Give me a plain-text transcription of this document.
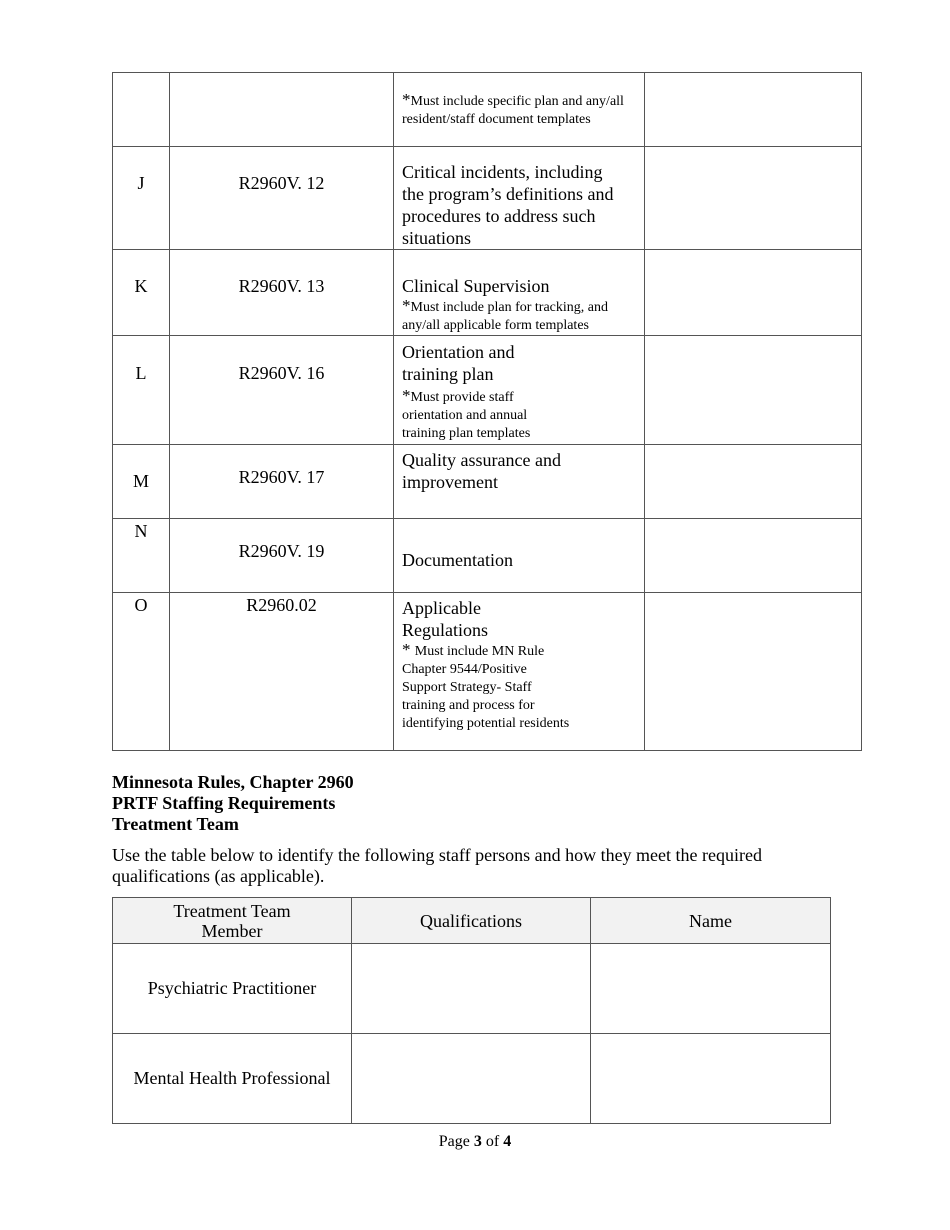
		*Must include specific plan and any/all resident/staff document templates	

J	R2960V. 12	Critical incidents, including the program’s definitions and procedures to address such situations	

K	R2960V. 13	Clinical Supervision
*Must include plan for tracking, and any/all applicable form templates	

L	R2960V. 16	Orientation and training plan
*Must provide staff orientation and annual training plan templates	

M	R2960V. 17	Quality assurance and improvement	

N	R2960V. 19	Documentation	

O	R2960.02	Applicable Regulations
* Must include MN Rule Chapter 9544/Positive Support Strategy- Staff training and process for identifying potential residents	

Minnesota Rules, Chapter 2960
PRTF Staffing Requirements
Treatment Team
Use the table below to identify the following staff persons and how they meet the required qualifications (as applicable).
Treatment Team Member	Qualifications	Name
Psychiatric Practitioner		
Mental Health Professional		
Page 3 of 4
